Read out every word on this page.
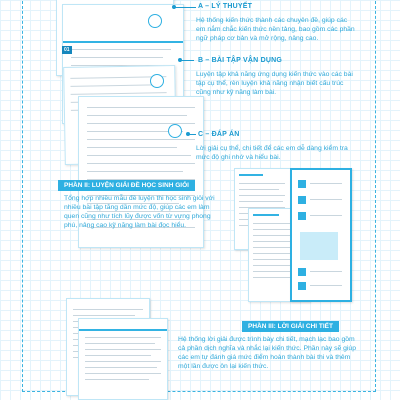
01
A – LÝ THUYẾT
Hệ thống kiến thức thành các chuyên đề, giúp các em nắm chắc kiến thức nền tảng, bao gồm các phần ngữ pháp cơ bản và mở rộng, nâng cao.
B – BÀI TẬP VẬN DỤNG
Luyện tập khả năng ứng dụng kiến thức vào các bài tập cụ thể, rèn luyện khả năng nhận biết cấu trúc cũng như kỹ năng làm bài.
C – ĐÁP ÁN
Lời giải cụ thể, chi tiết để các em dễ dàng kiểm tra mức độ ghi nhớ và hiểu bài.
PHẦN II: LUYỆN GIẢI ĐỀ HỌC SINH GIỎI
Tổng hợp nhiều mẫu đề luyện thi học sinh giỏi với nhiều bài tập tăng dần mức độ, giúp các em làm quen cũng như tích lũy được vốn từ vựng phong phú, nâng cao kỹ năng làm bài đọc hiểu.
PHẦN III: LỜI GIẢI CHI TIẾT
Hệ thống lời giải được trình bày chi tiết, mạch lạc bao gồm cả phần dịch nghĩa và nhắc lại kiến thức. Phần này sẽ giúp các em tự đánh giá mức điểm hoàn thành bài thi và thêm một lần được ôn lại kiến thức.
